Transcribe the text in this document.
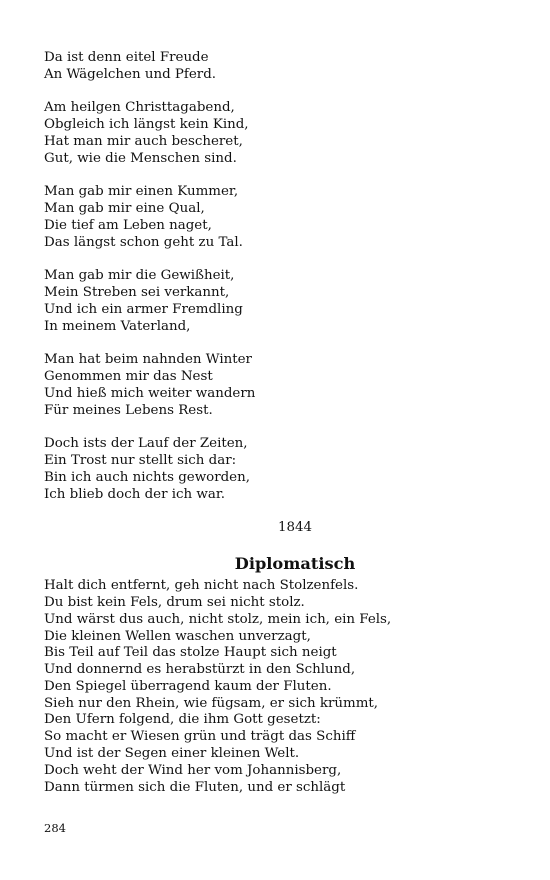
Da ist denn eitel Freude
An Wägelchen und Pferd.
Am heilgen Christtagabend,
Obgleich ich längst kein Kind,
Hat man mir auch bescheret,
Gut, wie die Menschen sind.
Man gab mir einen Kummer,
Man gab mir eine Qual,
Die tief am Leben naget,
Das längst schon geht zu Tal.
Man gab mir die Gewißheit,
Mein Streben sei verkannt,
Und ich ein armer Fremdling
In meinem Vaterland,
Man hat beim nahnden Winter
Genommen mir das Nest
Und hieß mich weiter wandern
Für meines Lebens Rest.
Doch ists der Lauf der Zeiten,
Ein Trost nur stellt sich dar:
Bin ich auch nichts geworden,
Ich blieb doch der ich war.
1844
Diplomatisch
Halt dich entfernt, geh nicht nach Stolzenfels.
Du bist kein Fels, drum sei nicht stolz.
Und wärst dus auch, nicht stolz, mein ich, ein Fels,
Die kleinen Wellen waschen unverzagt,
Bis Teil auf Teil das stolze Haupt sich neigt
Und donnernd es herabstürzt in den Schlund,
Den Spiegel überragend kaum der Fluten.
Sieh nur den Rhein, wie fügsam, er sich krümmt,
Den Ufern folgend, die ihm Gott gesetzt:
So macht er Wiesen grün und trägt das Schiff
Und ist der Segen einer kleinen Welt.
Doch weht der Wind her vom Johannisberg,
Dann türmen sich die Fluten, und er schlägt
284
